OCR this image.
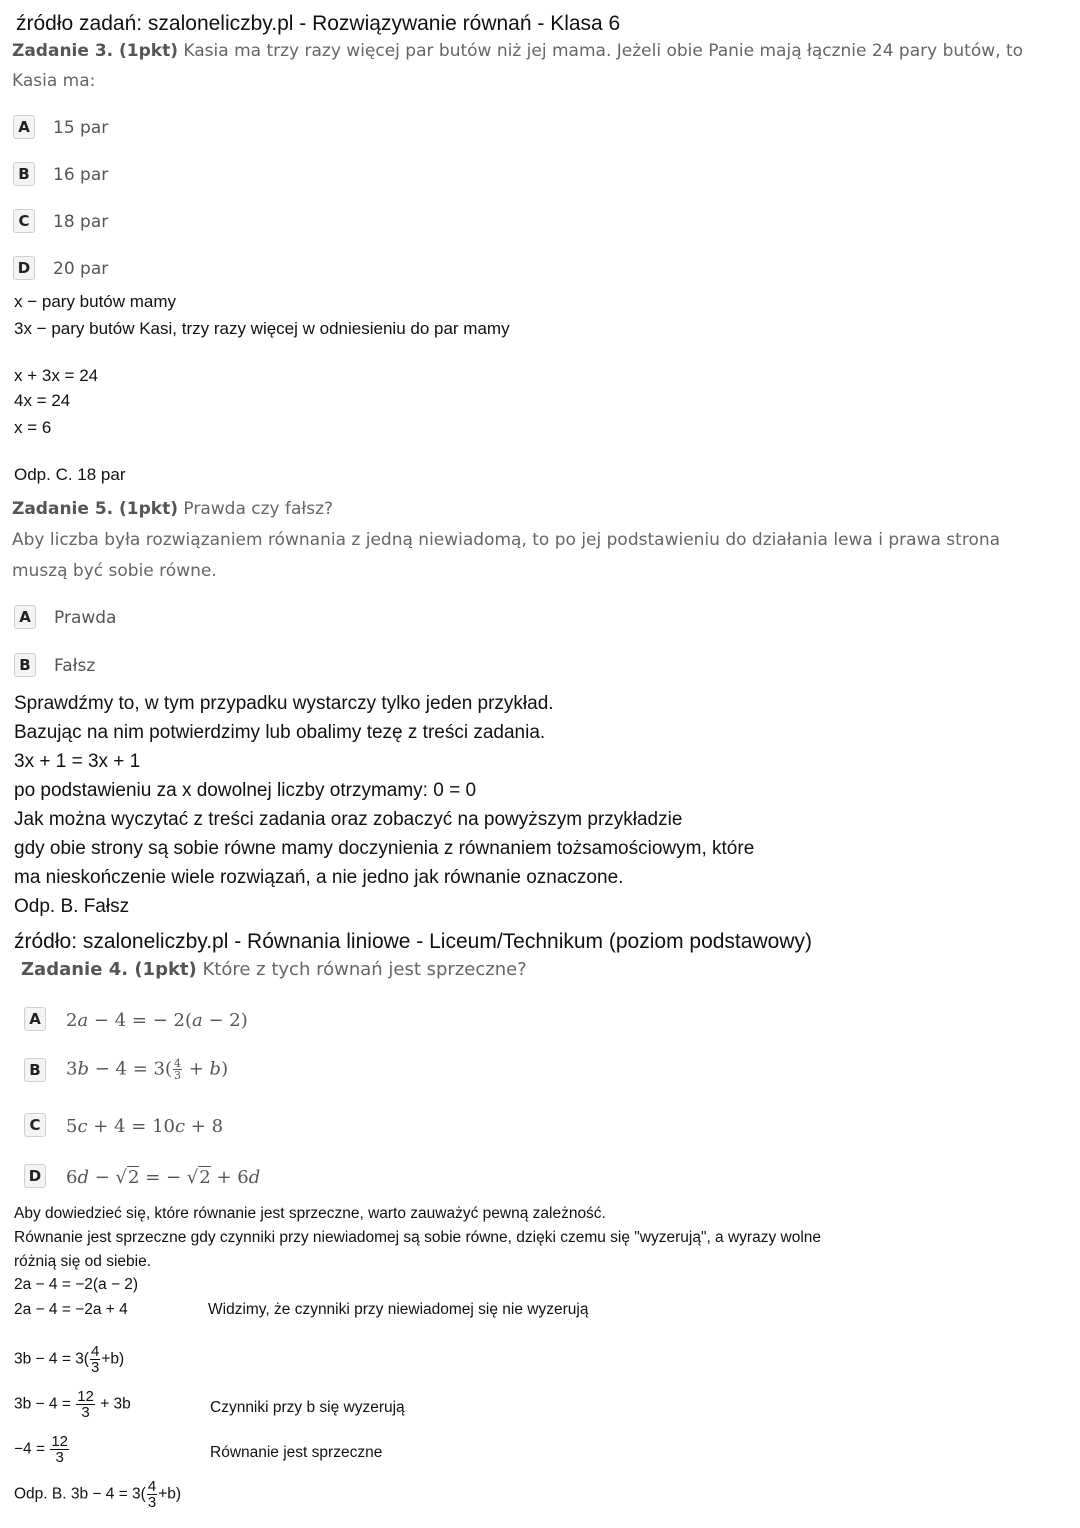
źródło zadań: szaloneliczby.pl - Rozwiązywanie równań - Klasa 6
Zadanie 3. (1pkt) Kasia ma trzy razy więcej par butów niż jej mama. Jeżeli obie Panie mają łącznie 24 pary butów, to
Kasia ma:
A	15 par
B	16 par
C	18 par
D 20 par
x − pary butów mamy
3x − pary butów Kasi, trzy razy więcej w odniesieniu do par mamy
x + 3x = 24
4x = 24
x = 6
Odp. C. 18 par
Zadanie 5. (1pkt) Prawda czy fałsz?
Aby liczba była rozwiązaniem równania z jedną niewiadomą, to po jej podstawieniu do działania lewa i prawa strona
muszą być sobie równe.
A	Prawda
B	Fałsz
Sprawdźmy to, w tym przypadku wystarczy tylko jeden przykład.
Bazując na nim potwierdzimy lub obalimy tezę z treści zadania.
3x + 1 = 3x + 1
po podstawieniu za x dowolnej liczby otrzymamy: 0 = 0
Jak można wyczytać z treści zadania oraz zobaczyć na powyższym przykładzie
gdy obie strony są sobie równe mamy doczynienia z równaniem tożsamościowym, które
ma nieskończenie wiele rozwiązań, a nie jedno jak równanie oznaczone.
Odp. B. Fałsz
źródło: szaloneliczby.pl - Równania liniowe - Liceum/Technikum (poziom podstawowy)
Zadanie 4. (1pkt) Które z tych równań jest sprzeczne?
A 2a − 4 = − 2(a − 2)
B $3b - 4 = 3( \frac{4}{3} + b)$
C	5c + 4 = 10c + 8
D 6d − √2 = − √2 + 6d
Aby dowiedzieć się, które równanie jest sprzeczne, warto zauważyć pewną zależność.
Równanie jest sprzeczne gdy czynniki przy niewiadomej są sobie równe, dzięki czemu się "wyzerują", a wyrazy wolne
różnią się od siebie.
2a − 4 = −2(a − 2)
2a − 4 = −2a + 4	Widzimy, że czynniki przy niewiadomej się nie wyzerują
$3b - 4 = 3( \frac{4}{3} +b)$
$3b - 4 = \frac{12}{3} + 3b$	Czynniki przy b się wyzerują
$-4 = \frac{12}{3}$	Równanie jest sprzeczne
Odp. B. $3b - 4 = 3( \frac{4}{3} +b)$
